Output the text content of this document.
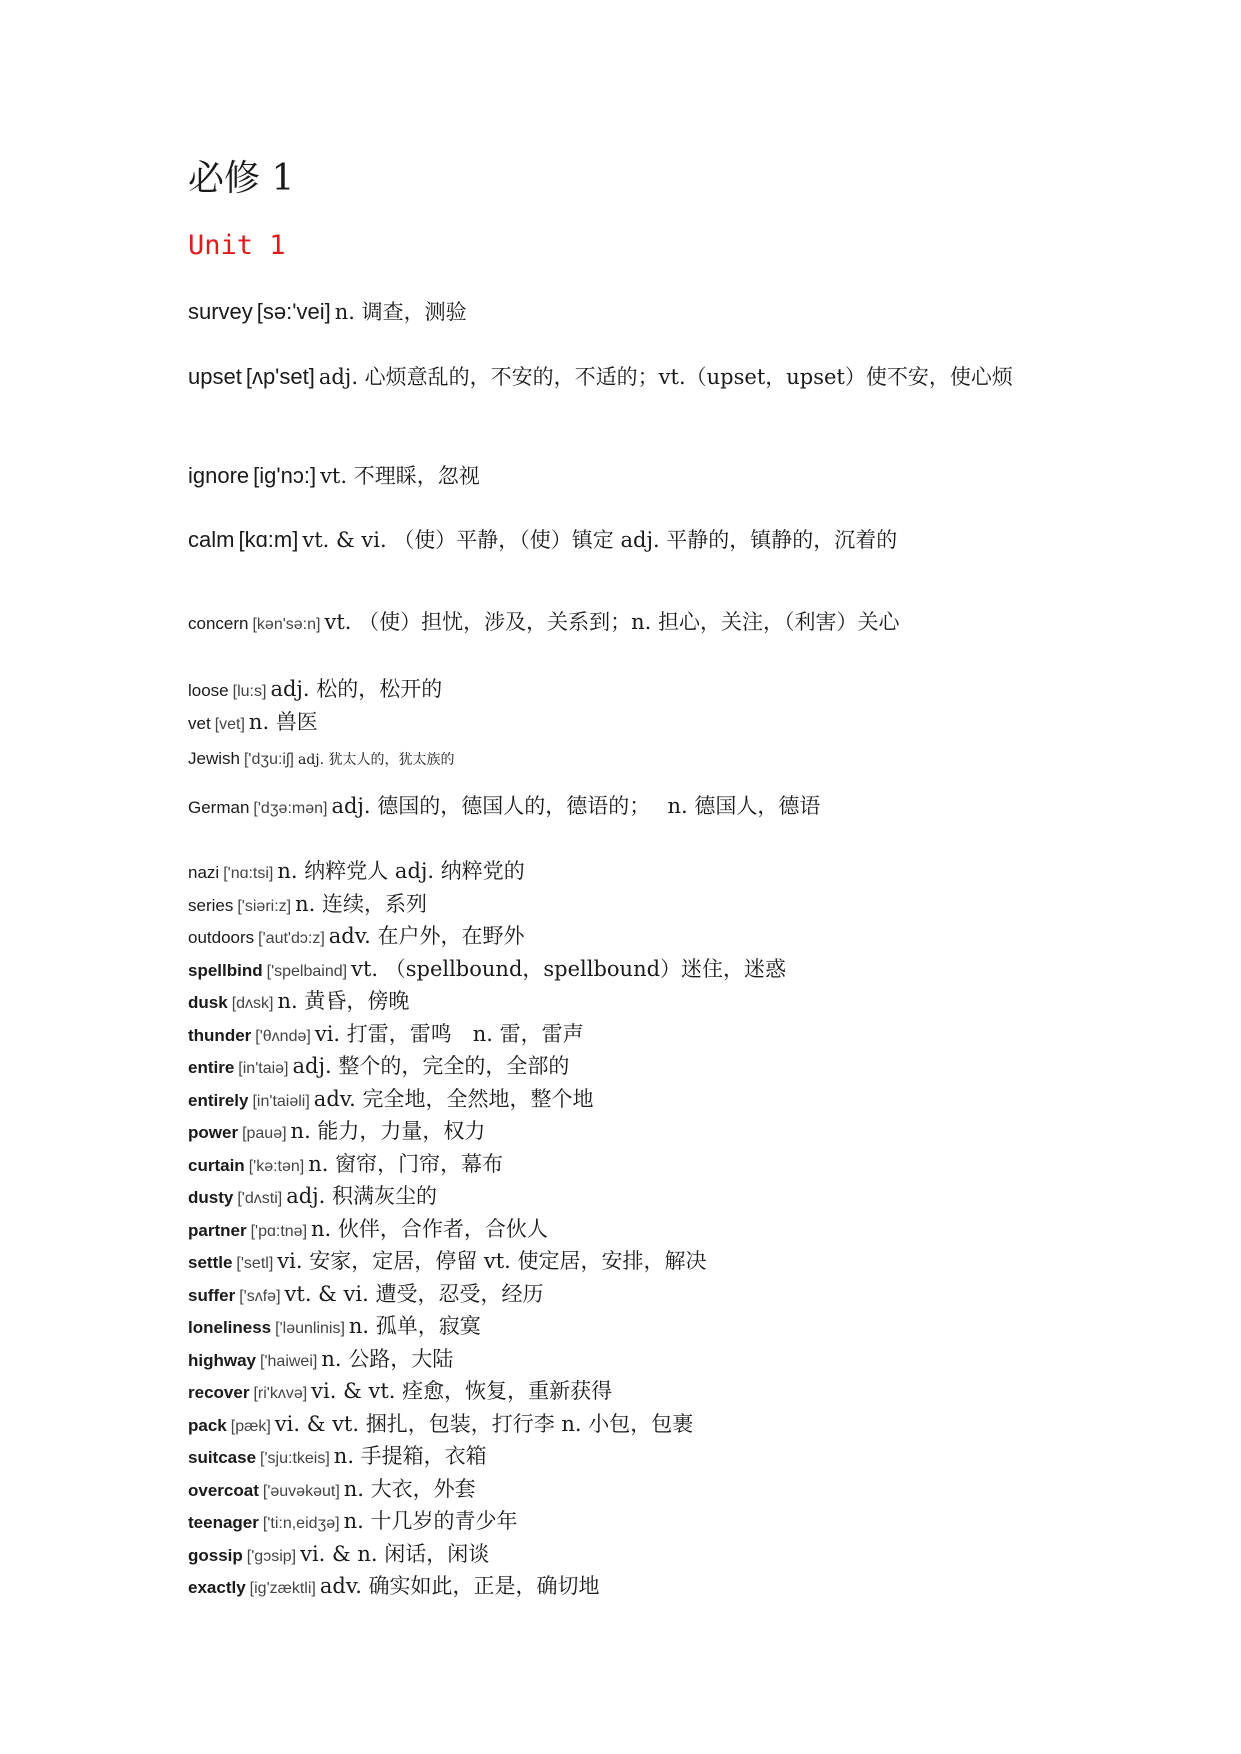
必修 1
Unit 1
survey [sə:'vei] n. 调查，测验
upset [ʌp'set] adj. 心烦意乱的，不安的，不适的；vt.（upset，upset）使不安，使心烦
ignore [ig'nɔ:] vt. 不理睬，忽视
calm [kɑ:m] vt. & vi. （使）平静，（使）镇定 adj. 平静的，镇静的，沉着的
concern [kən'sə:n] vt. （使）担忧，涉及，关系到；n. 担心，关注，（利害）关心
loose [lu:s] adj. 松的，松开的
vet [vet] n. 兽医
Jewish ['dʒu:iʃ] adj. 犹太人的，犹太族的
German ['dʒə:mən] adj. 德国的，德国人的，德语的；　 n. 德国人，德语
nazi ['nɑ:tsi] n. 纳粹党人 adj. 纳粹党的
series ['siəri:z] n. 连续，系列
outdoors ['aut'dɔ:z] adv. 在户外，在野外
spellbind ['spelbaind] vt. （spellbound，spellbound）迷住，迷惑
dusk [dʌsk] n. 黄昏，傍晚
thunder ['θʌndə] vi. 打雷，雷鸣　n. 雷，雷声
entire [in'taiə] adj. 整个的，完全的，全部的
entirely [in'taiəli] adv. 完全地，全然地，整个地
power [pauə] n. 能力，力量，权力
curtain ['kə:tən] n. 窗帘，门帘，幕布
dusty ['dʌsti] adj. 积满灰尘的
partner ['pɑ:tnə] n. 伙伴，合作者，合伙人
settle ['setl] vi. 安家，定居，停留 vt. 使定居，安排，解决
suffer ['sʌfə] vt. & vi. 遭受，忍受，经历
loneliness ['ləunlinis] n. 孤单，寂寞
highway ['haiwei] n. 公路，大陆
recover [ri'kʌvə] vi. & vt. 痊愈，恢复，重新获得
pack [pæk] vi. & vt. 捆扎，包装，打行李 n. 小包，包裹
suitcase ['sju:tkeis] n. 手提箱，衣箱
overcoat ['əuvəkəut] n. 大衣，外套
teenager ['ti:n,eidʒə] n. 十几岁的青少年
gossip ['gɔsip] vi. & n. 闲话，闲谈
exactly [ig'zæktli] adv. 确实如此，正是，确切地
